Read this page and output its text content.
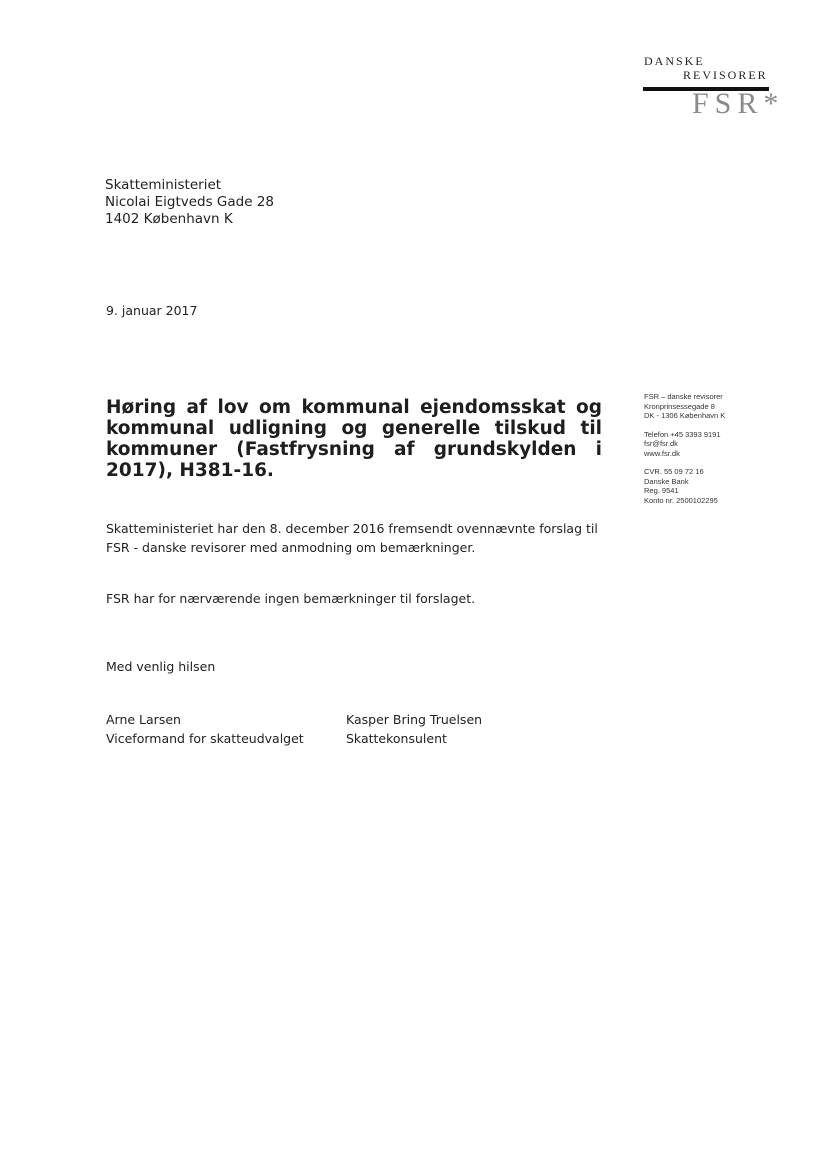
DANSKE
REVISORER
FSR*
Skatteministeriet
Nicolai Eigtveds Gade 28
1402 København K
9. januar 2017
Høring af lov om kommunal ejendomsskat og kommunal udligning og generelle tilskud til kommuner (Fastfrysning af grundskylden i 2017), H381-16.
FSR – danske revisorer
Kronprinsessegade 8
DK - 1306 København K
Telefon +45 3393 9191
fsr@fsr.dk
www.fsr.dk
CVR. 55 09 72 16
Danske Bank
Reg. 9541
Konto nr. 2500102295
Skatteministeriet har den 8. december 2016 fremsendt ovennævnte forslag til FSR - danske revisorer med anmodning om bemærkninger.
FSR har for nærværende ingen bemærkninger til forslaget.
Med venlig hilsen
Arne Larsen
Viceformand for skatteudvalget
Kasper Bring Truelsen
Skattekonsulent
